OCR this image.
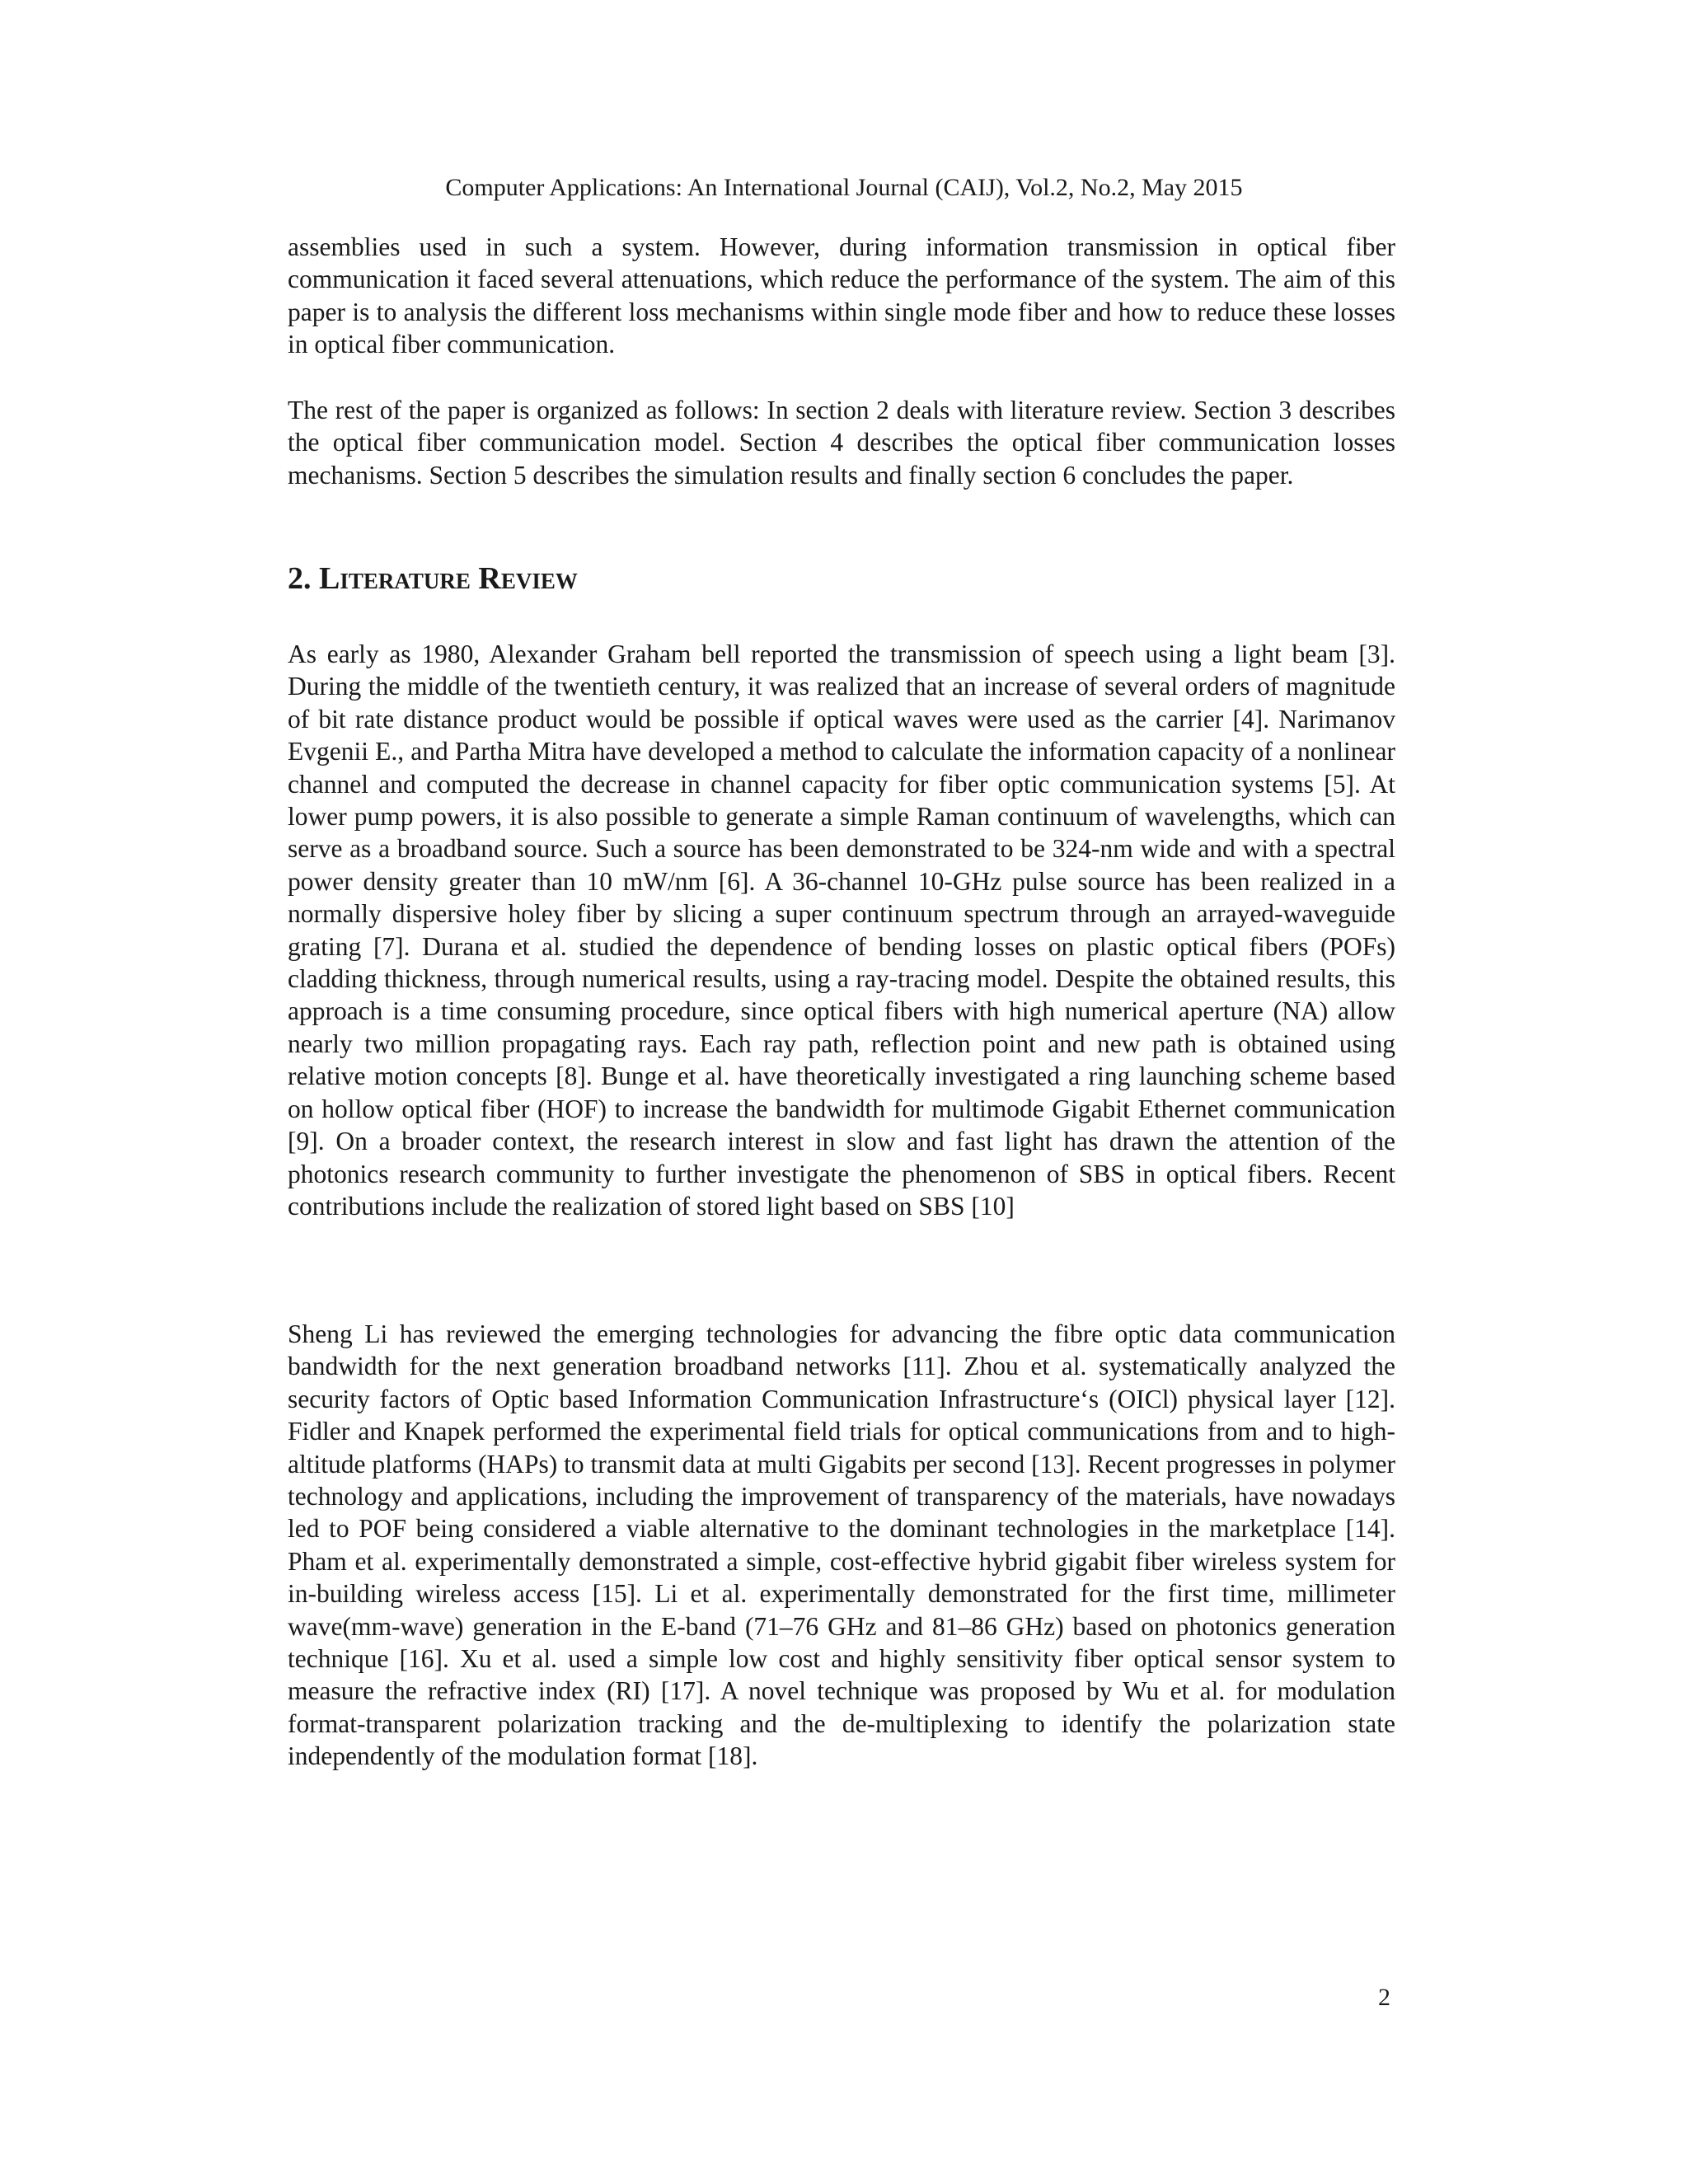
Computer Applications: An International Journal (CAIJ), Vol.2, No.2, May 2015

assemblies used in such a system. However, during information transmission in optical fiber communication it faced several attenuations, which reduce the performance of the system. The aim of this paper is to analysis the different loss mechanisms within single mode fiber and how to reduce these losses in optical fiber communication.

The rest of the paper is organized as follows: In section 2 deals with literature review. Section 3 describes the optical fiber communication model. Section 4 describes the optical fiber communication losses mechanisms. Section 5 describes the simulation results and finally section 6 concludes the paper.

2. Literature Review

As early as 1980, Alexander Graham bell reported the transmission of speech using a light beam [3]. During the middle of the twentieth century, it was realized that an increase of several orders of magnitude of bit rate distance product would be possible if optical waves were used as the carrier [4]. Narimanov Evgenii E., and Partha Mitra have developed a method to calculate the information capacity of a nonlinear channel and computed the decrease in channel capacity for fiber optic communication systems [5]. At lower pump powers, it is also possible to generate a simple Raman continuum of wavelengths, which can serve as a broadband source. Such a source has been demonstrated to be 324-nm wide and with a spectral power density greater than 10 mW/nm [6]. A 36-channel 10-GHz pulse source has been realized in a normally dispersive holey fiber by slicing a super continuum spectrum through an arrayed-waveguide grating [7]. Durana et al. studied the dependence of bending losses on plastic optical fibers (POFs) cladding thickness, through numerical results, using a ray-tracing model. Despite the obtained results, this approach is a time consuming procedure, since optical fibers with high numerical aperture (NA) allow nearly two million propagating rays. Each ray path, reflection point and new path is obtained using relative motion concepts [8]. Bunge et al. have theoretically investigated a ring launching scheme based on hollow optical fiber (HOF) to increase the bandwidth for multimode Gigabit Ethernet communication [9]. On a broader context, the research interest in slow and fast light has drawn the attention of the photonics research community to further investigate the phenomenon of SBS in optical fibers. Recent contributions include the realization of stored light based on SBS [10]

Sheng Li has reviewed the emerging technologies for advancing the fibre optic data communication bandwidth for the next generation broadband networks [11]. Zhou et al. systematically analyzed the security factors of Optic based Information Communication Infrastructure‘s (OICl) physical layer [12]. Fidler and Knapek performed the experimental field trials for optical communications from and to high-altitude platforms (HAPs) to transmit data at multi Gigabits per second [13]. Recent progresses in polymer technology and applications, including the improvement of transparency of the materials, have nowadays led to POF being considered a viable alternative to the dominant technologies in the marketplace [14]. Pham et al. experimentally demonstrated a simple, cost-effective hybrid gigabit fiber wireless system for in-building wireless access [15]. Li et al. experimentally demonstrated for the first time, millimeter wave(mm-wave) generation in the E-band (71–76 GHz and 81–86 GHz) based on photonics generation technique [16]. Xu et al. used a simple low cost and highly sensitivity fiber optical sensor system to measure the refractive index (RI) [17]. A novel technique was proposed by Wu et al. for modulation format-transparent polarization tracking and the de-multiplexing to identify the polarization state independently of the modulation format [18].

2
